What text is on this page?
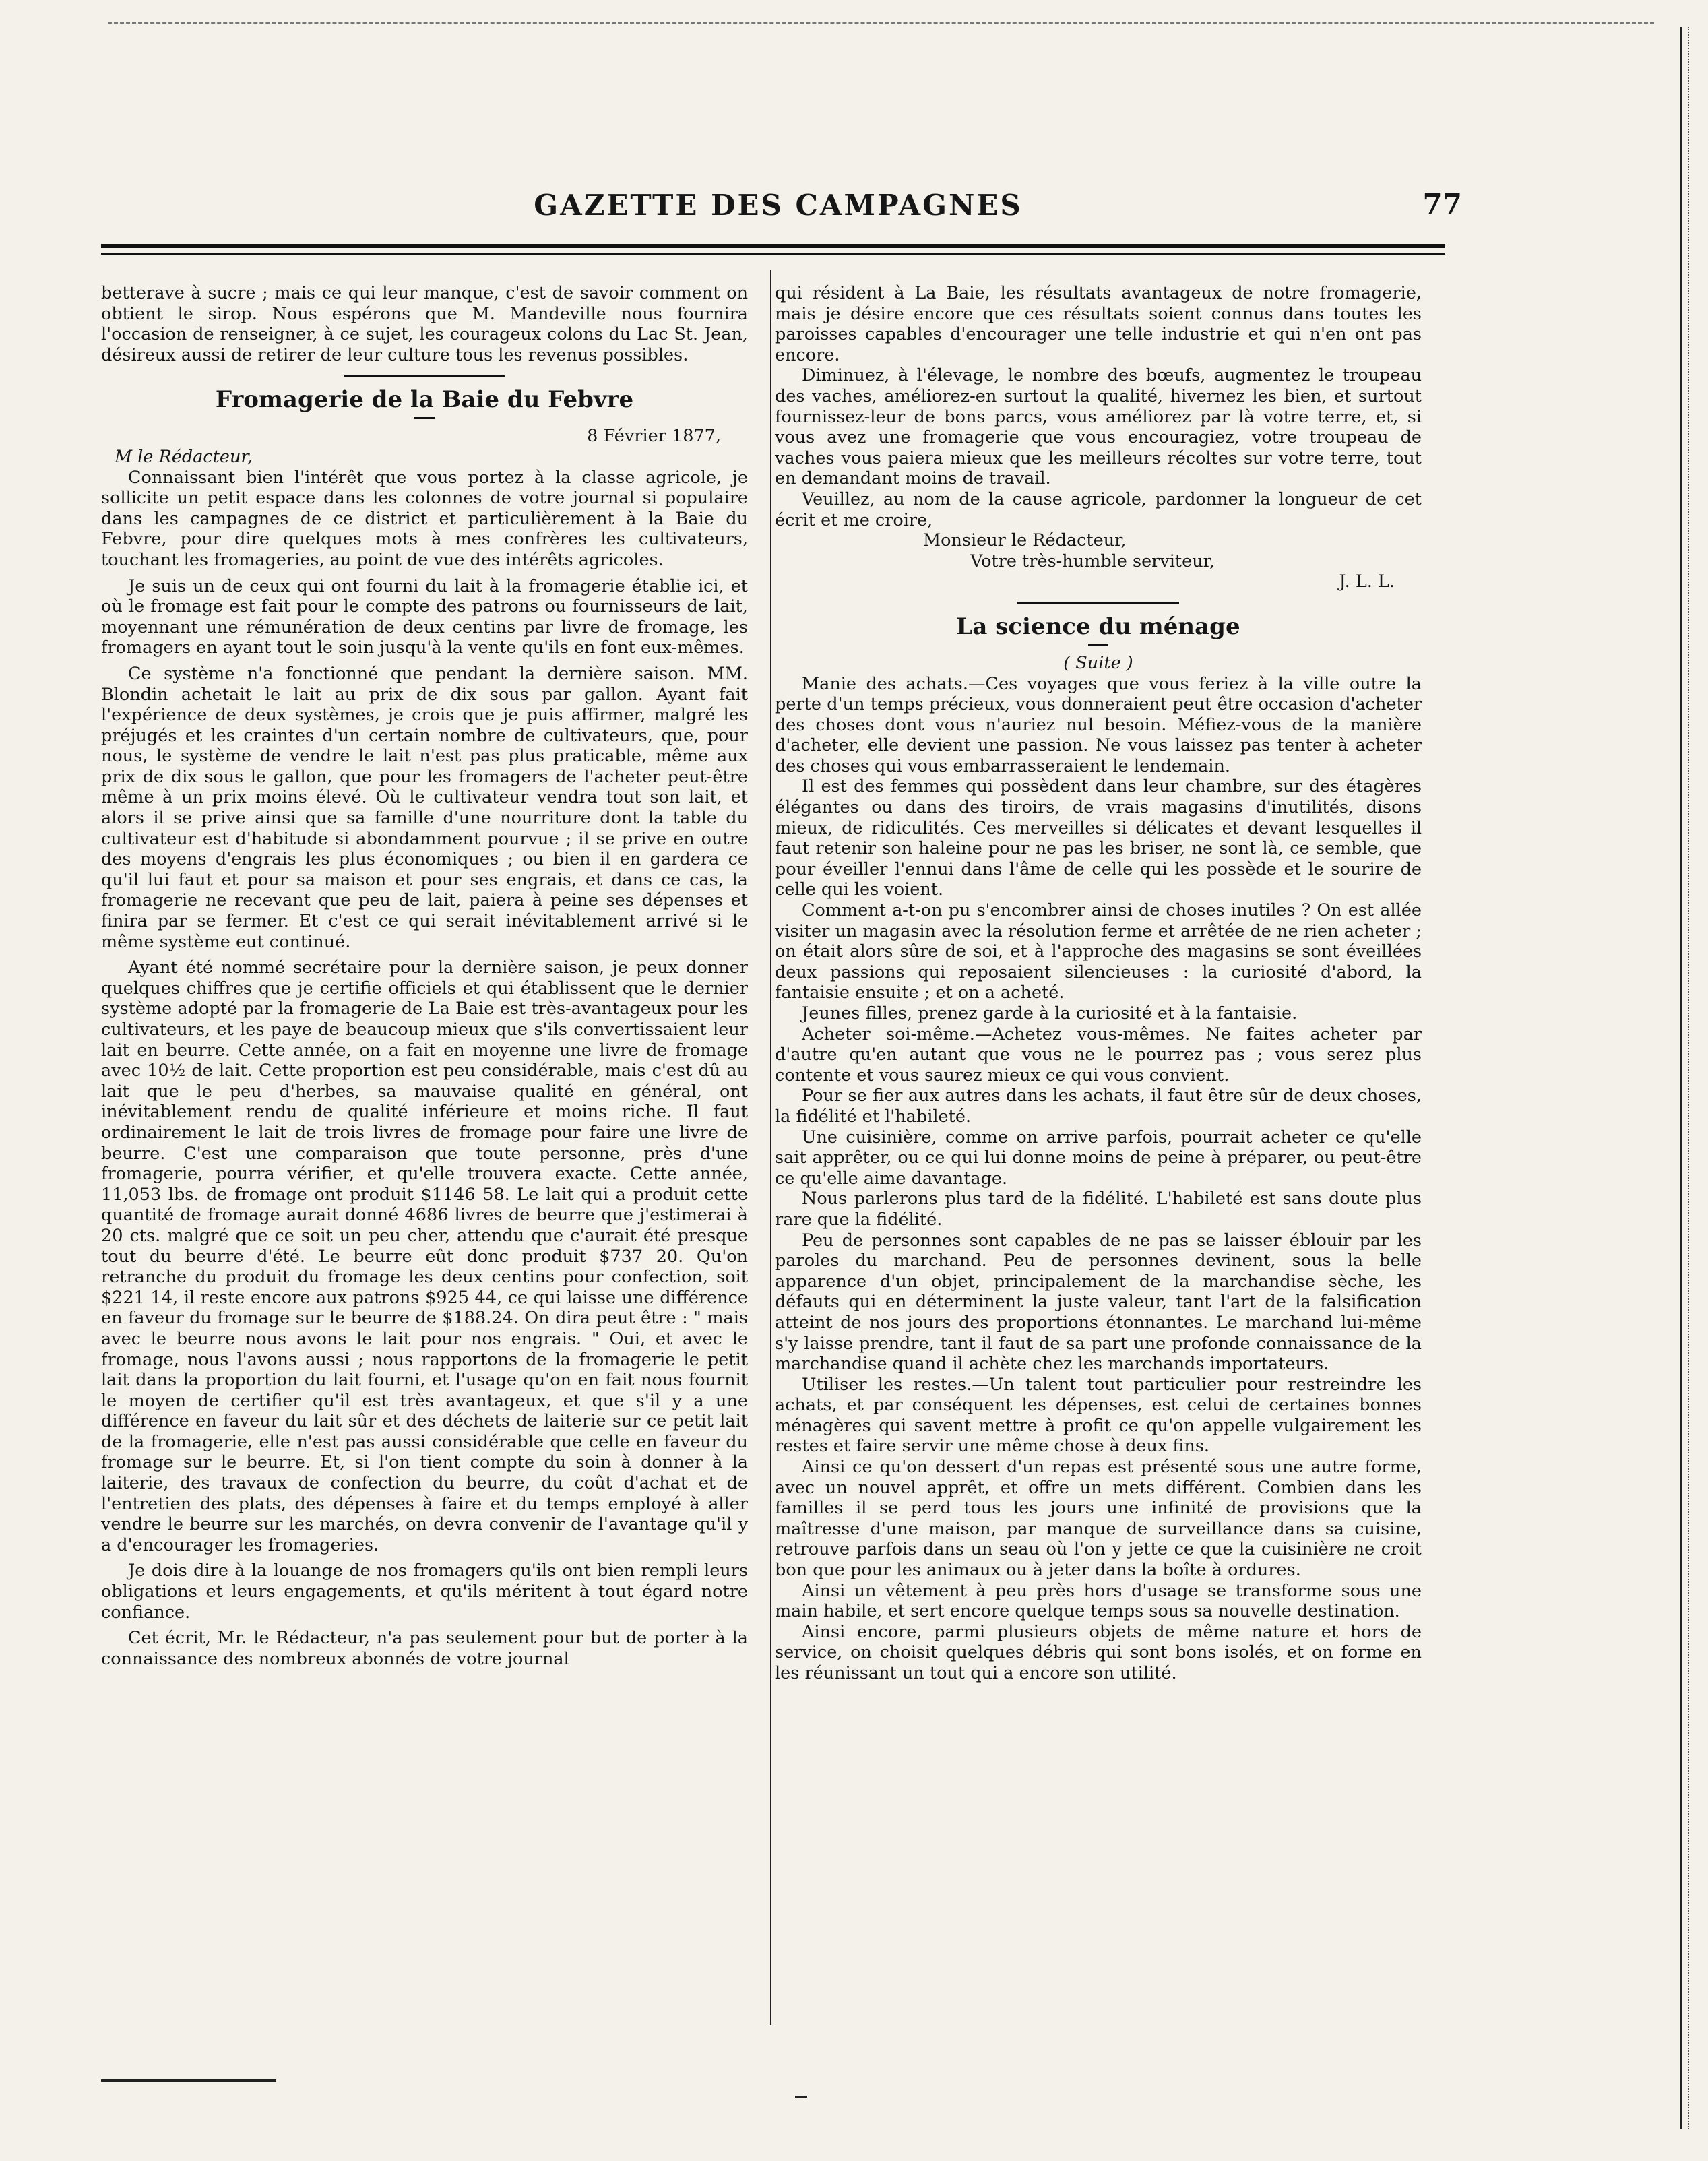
GAZETTE DES CAMPAGNES	77

betterave à sucre ; mais ce qui leur manque, c'est de savoir comment on obtient le sirop. Nous espérons que M. Mandeville nous fournira l'occasion de renseigner, à ce sujet, les courageux colons du Lac St. Jean, désireux aussi de retirer de leur culture tous les revenus possibles.

Fromagerie de la Baie du Febvre

8 Février 1877,

M le Rédacteur,

Connaissant bien l'intérêt que vous portez à la classe agricole, je sollicite un petit espace dans les colonnes de votre journal si populaire dans les campagnes de ce district et particulièrement à la Baie du Febvre, pour dire quelques mots à mes confrères les cultivateurs, touchant les fromageries, au point de vue des intérêts agricoles.

Je suis un de ceux qui ont fourni du lait à la fromagerie établie ici, et où le fromage est fait pour le compte des patrons ou fournisseurs de lait, moyennant une rémunération de deux centins par livre de fromage, les fromagers en ayant tout le soin jusqu'à la vente qu'ils en font eux-mêmes.

Ce système n'a fonctionné que pendant la dernière saison. MM. Blondin achetait le lait au prix de dix sous par gallon. Ayant fait l'expérience de deux systèmes, je crois que je puis affirmer, malgré les préjugés et les craintes d'un certain nombre de cultivateurs, que, pour nous, le système de vendre le lait n'est pas plus praticable, même aux prix de dix sous le gallon, que pour les fromagers de l'acheter peut-être même à un prix moins élevé. Où le cultivateur vendra tout son lait, et alors il se prive ainsi que sa famille d'une nourriture dont la table du cultivateur est d'habitude si abondamment pourvue ; il se prive en outre des moyens d'engrais les plus économiques ; ou bien il en gardera ce qu'il lui faut et pour sa maison et pour ses engrais, et dans ce cas, la fromagerie ne recevant que peu de lait, paiera à peine ses dépenses et finira par se fermer. Et c'est ce qui serait inévitablement arrivé si le même système eut continué.

Ayant été nommé secrétaire pour la dernière saison, je peux donner quelques chiffres que je certifie officiels et qui établissent que le dernier système adopté par la fromagerie de La Baie est très-avantageux pour les cultivateurs, et les paye de beaucoup mieux que s'ils convertissaient leur lait en beurre. Cette année, on a fait en moyenne une livre de fromage avec 10½ de lait. Cette proportion est peu considérable, mais c'est dû au lait que le peu d'herbes, sa mauvaise qualité en général, ont inévitablement rendu de qualité inférieure et moins riche. Il faut ordinairement le lait de trois livres de fromage pour faire une livre de beurre. C'est une comparaison que toute personne, près d'une fromagerie, pourra vérifier, et qu'elle trouvera exacte. Cette année, 11,053 lbs. de fromage ont produit $1146 58. Le lait qui a produit cette quantité de fromage aurait donné 4686 livres de beurre que j'estimerai à 20 cts. malgré que ce soit un peu cher, attendu que c'aurait été presque tout du beurre d'été. Le beurre eût donc produit $737 20. Qu'on retranche du produit du fromage les deux centins pour confection, soit $221 14, il reste encore aux patrons $925 44, ce qui laisse une différence en faveur du fromage sur le beurre de $188.24. On dira peut être : " mais avec le beurre nous avons le lait pour nos engrais. " Oui, et avec le fromage, nous l'avons aussi ; nous rapportons de la fromagerie le petit lait dans la proportion du lait fourni, et l'usage qu'on en fait nous fournit le moyen de certifier qu'il est très avantageux, et que s'il y a une différence en faveur du lait sûr et des déchets de laiterie sur ce petit lait de la fromagerie, elle n'est pas aussi considérable que celle en faveur du fromage sur le beurre. Et, si l'on tient compte du soin à donner à la laiterie, des travaux de confection du beurre, du coût d'achat et de l'entretien des plats, des dépenses à faire et du temps employé à aller vendre le beurre sur les marchés, on devra convenir de l'avantage qu'il y a d'encourager les fromageries.

Je dois dire à la louange de nos fromagers qu'ils ont bien rempli leurs obligations et leurs engagements, et qu'ils méritent à tout égard notre confiance.

Cet écrit, Mr. le Rédacteur, n'a pas seulement pour but de porter à la connaissance des nombreux abonnés de votre journal

qui résident à La Baie, les résultats avantageux de notre fromagerie, mais je désire encore que ces résultats soient connus dans toutes les paroisses capables d'encourager une telle industrie et qui n'en ont pas encore.

Diminuez, à l'élevage, le nombre des bœufs, augmentez le troupeau des vaches, améliorez-en surtout la qualité, hivernez les bien, et surtout fournissez-leur de bons parcs, vous améliorez par là votre terre, et, si vous avez une fromagerie que vous encouragiez, votre troupeau de vaches vous paiera mieux que les meilleurs récoltes sur votre terre, tout en demandant moins de travail.

Veuillez, au nom de la cause agricole, pardonner la longueur de cet écrit et me croire,

Monsieur le Rédacteur,

Votre très-humble serviteur,

J. L. L.

La science du ménage

( Suite )

Manie des achats.—Ces voyages que vous feriez à la ville outre la perte d'un temps précieux, vous donneraient peut être occasion d'acheter des choses dont vous n'auriez nul besoin. Méfiez-vous de la manière d'acheter, elle devient une passion. Ne vous laissez pas tenter à acheter des choses qui vous embarrasseraient le lendemain.

Il est des femmes qui possèdent dans leur chambre, sur des étagères élégantes ou dans des tiroirs, de vrais magasins d'inutilités, disons mieux, de ridiculités. Ces merveilles si délicates et devant lesquelles il faut retenir son haleine pour ne pas les briser, ne sont là, ce semble, que pour éveiller l'ennui dans l'âme de celle qui les possède et le sourire de celle qui les voient.

Comment a-t-on pu s'encombrer ainsi de choses inutiles ? On est allée visiter un magasin avec la résolution ferme et arrêtée de ne rien acheter ; on était alors sûre de soi, et à l'approche des magasins se sont éveillées deux passions qui reposaient silencieuses : la curiosité d'abord, la fantaisie ensuite ; et on a acheté.

Jeunes filles, prenez garde à la curiosité et à la fantaisie.

Acheter soi-même.—Achetez vous-mêmes. Ne faites acheter par d'autre qu'en autant que vous ne le pourrez pas ; vous serez plus contente et vous saurez mieux ce qui vous convient.

Pour se fier aux autres dans les achats, il faut être sûr de deux choses, la fidélité et l'habileté.

Une cuisinière, comme on arrive parfois, pourrait acheter ce qu'elle sait apprêter, ou ce qui lui donne moins de peine à préparer, ou peut-être ce qu'elle aime davantage.

Nous parlerons plus tard de la fidélité. L'habileté est sans doute plus rare que la fidélité.

Peu de personnes sont capables de ne pas se laisser éblouir par les paroles du marchand. Peu de personnes devinent, sous la belle apparence d'un objet, principalement de la marchandise sèche, les défauts qui en déterminent la juste valeur, tant l'art de la falsification atteint de nos jours des proportions étonnantes. Le marchand lui-même s'y laisse prendre, tant il faut de sa part une profonde connaissance de la marchandise quand il achète chez les marchands importateurs.

Utiliser les restes.—Un talent tout particulier pour restreindre les achats, et par conséquent les dépenses, est celui de certaines bonnes ménagères qui savent mettre à profit ce qu'on appelle vulgairement les restes et faire servir une même chose à deux fins.

Ainsi ce qu'on dessert d'un repas est présenté sous une autre forme, avec un nouvel apprêt, et offre un mets différent. Combien dans les familles il se perd tous les jours une infinité de provisions que la maîtresse d'une maison, par manque de surveillance dans sa cuisine, retrouve parfois dans un seau où l'on y jette ce que la cuisinière ne croit bon que pour les animaux ou à jeter dans la boîte à ordures.

Ainsi un vêtement à peu près hors d'usage se transforme sous une main habile, et sert encore quelque temps sous sa nouvelle destination.

Ainsi encore, parmi plusieurs objets de même nature et hors de service, on choisit quelques débris qui sont bons isolés, et on forme en les réunissant un tout qui a encore son utilité.
